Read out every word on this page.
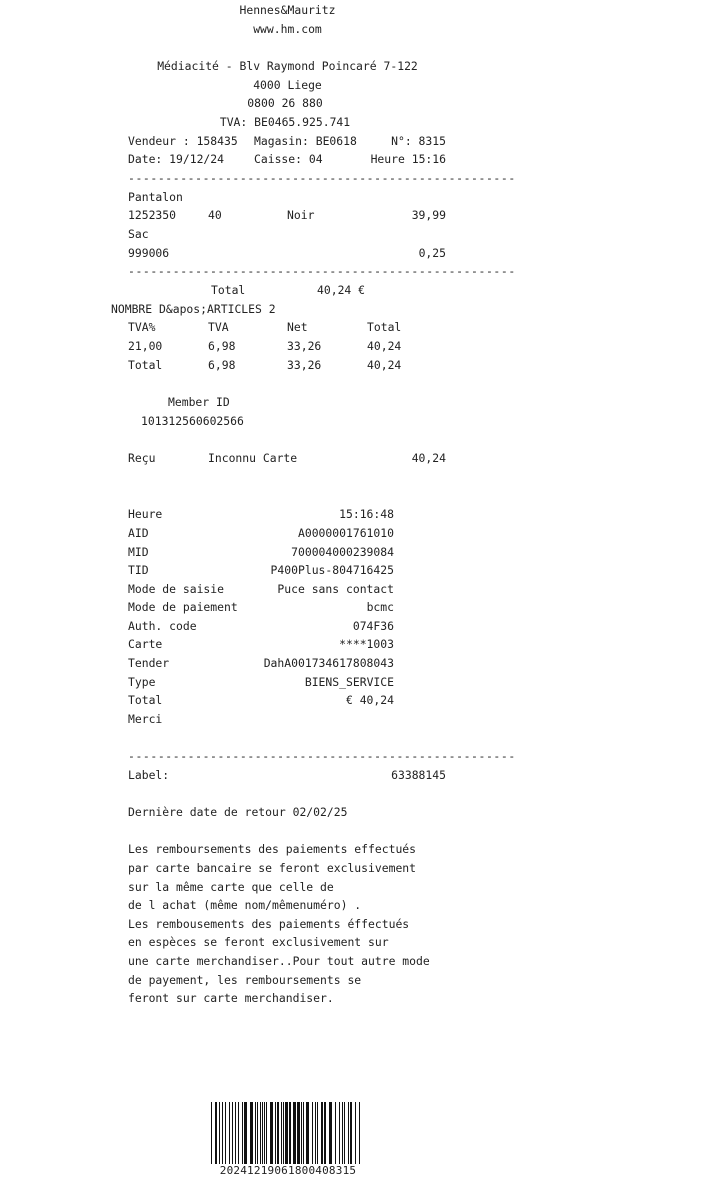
Hennes&Mauritz
www.hm.com
Médiacité - Blv Raymond Poincaré 7-122
4000 Liege
0800 26 880
TVA: BE0465.925.741
Vendeur : 158435 Magasin: BE0618	N°: 8315
Date: 19/12/24	Caisse: 04	Heure 15:16
----------------------------------------------------
Pantalon
1252350	40	Noir	39,99
Sac
999006	0,25
----------------------------------------------------
Total	40,24 €
NOMBRE D&apos;ARTICLES 2
TVA%	TVA	Net	Total
21,00	6,98	33,26	40,24
Total	6,98	33,26	40,24
Member ID
101312560602566
Reçu	Inconnu Carte	40,24
Heure	15:16:48
AID	A0000001761010
MID	700004000239084
TID	P400Plus-804716425
Mode de saisie	Puce sans contact
Mode de paiement	bcmc
Auth. code	074F36
Carte	****1003
Tender	DahA001734617808043
Type	BIENS_SERVICE
Total	€ 40,24
Merci
----------------------------------------------------
Label:	63388145
Dernière date de retour 02/02/25
Les remboursements des paiements effectués
par carte bancaire se feront exclusivement
sur la même carte que celle de
de l achat (même nom/mêmenuméro) .
Les rembousements des paiements éffectués
en espèces se feront exclusivement sur
une carte merchandiser..Pour tout autre mode
de payement, les remboursements se
feront sur carte merchandiser.
20241219061800408315
